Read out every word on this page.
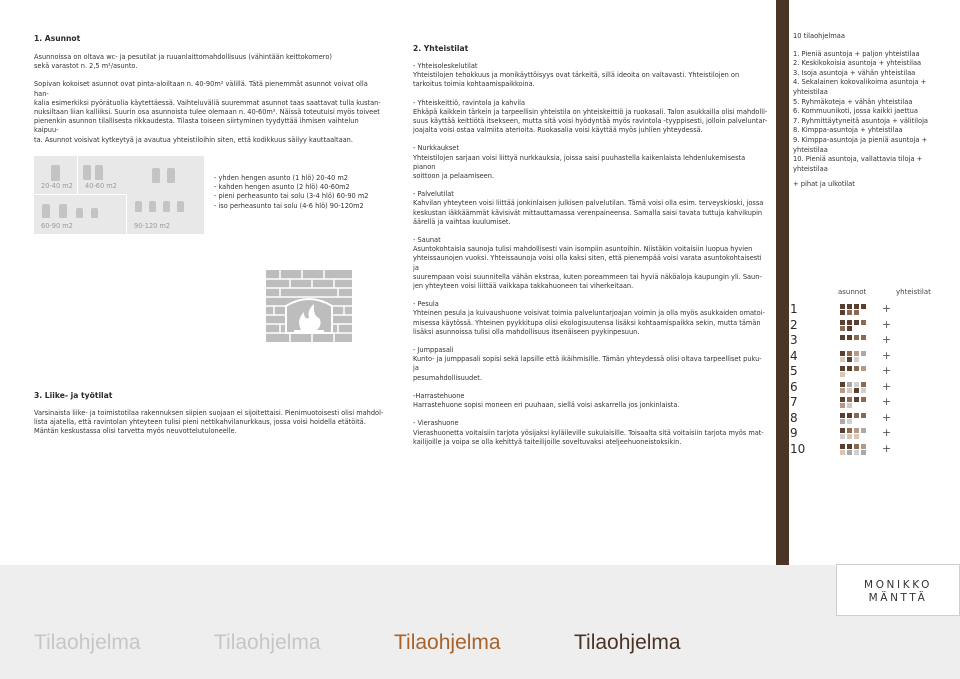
1. Asunnot

Asunnoissa on oltava wc- ja pesutilat ja ruuanlaittomahdollisuus (vähintään keittokomero)

sekä varastot n. 2,5 m²/asunto.

Sopivan kokoiset asunnot ovat pinta-aloiltaan n. 40-90m² välillä. Tätä pienemmät asunnot voivat olla han-

kalia esimerkiksi pyörätuolia käytettäessä. Vaihteluväliä suuremmat asunnot taas saattavat tulla kustan-

nuksiltaan liian kalliiksi. Suurin osa asunnoista tulee olemaan n. 40-60m². Näissä toteutuisi myös toiveet

pienenkin asunnon tilallisesta rikkaudesta. Tilasta toiseen siirtyminen tyydyttää ihmisen vaihtelun kaipuu-

ta. Asunnot voisivat kytkeytyä ja avautua yhteistiloihin siten, että kodikkuus säilyy kauttaaltaan.

20-40 m2 40-60 m2
60-90 m2	90-120 m2

- yhden hengen asunto (1 hlö) 20-40 m2

- kahden hengen asunto (2 hlö) 40-60m2

- pieni perheasunto tai solu (3-4 hlö) 60-90 m2

- iso perheasunto tai solu (4-6 hlö) 90-120m2

3. Liike- ja työtilat

Varsinaista liike- ja toimistotilaa rakennuksen siipien suojaan ei sijoitettaisi. Pienimuotoisesti olisi mahdol-

lista ajatella, että ravintolan yhteyteen tulisi pieni nettikahvilanurkkaus, jossa voisi hoidella etätöitä.

Mäntän keskustassa olisi tarvetta myös neuvottelutuloneelle.

2. Yhteistilat

- Yhteisoleskelutilat

Yhteistilojen tehokkuus ja monikäyttöisyys ovat tärkeitä, sillä ideoita on valtavasti. Yhteistilojen on

tarkoitus toimia kohtaamispaikkoina.

- Yhteiskeittiö, ravintola ja kahvila

Ehkäpä kaikkein tärkein ja tarpeellisin yhteistila on yhteiskeittiö ja ruokasali. Talon asukkailla olisi mahdolli-

suus käyttää keittiötä itsekseen, mutta sitä voisi hyödyntää myös ravintola -tyyppisesti, jolloin palveluntar-

joajalta voisi ostaa valmiita aterioita. Ruokasalia voisi käyttää myös juhlien yhteydessä.

- Nurkkaukset

Yhteistilojen sarjaan voisi liittyä nurkkauksia, joissa saisi puuhastella kaikenlaista lehdenlukemisesta pianon

soittoon ja pelaamiseen.

- Palvelutilat

Kahvilan yhteyteen voisi liittää jonkinlaisen julkisen palvelutilan. Tämä voisi olla esim. terveyskioski, jossa

keskustan iäkkäämmät kävisivät mittauttamassa verenpaineensa. Samalla saisi tavata tuttuja kahvikupin

äärellä ja vaihtaa kuulumiset.

- Saunat

Asuntokohtaisia saunoja tulisi mahdollisesti vain isompiin asuntoihin. Niistäkin voitaisiin luopua hyvien

yhteissaunojen vuoksi. Yhteissaunoja voisi olla kaksi siten, että pienempää voisi varata asuntokohtaisesti ja

suurempaan voisi suunnitella vähän ekstraa, kuten poreammeen tai hyviä näköaloja kaupungin yli. Saun-

jen yhteyteen voisi liittää vaikkapa takkahuoneen tai viherkeitaan.

- Pesula

Yhteinen pesula ja kuivaushuone voisivat toimia palveluntarjoajan voimin ja olla myös asukkaiden omatoi-

misessa käytössä. Yhteinen pyykkitupa olisi ekologisuutensa lisäksi kohtaamispaikka sekin, mutta tämän

lisäksi asunnoissa tulisi olla mahdollisuus itsenäiseen pyykinpesuun.

- Jumppasali

Kunto- ja jumppasali sopisi sekä lapsille että ikäihmisille. Tämän yhteydessä olisi oltava tarpeelliset puku- ja

pesumahdollisuudet.

-Harrastehuone

Harrastehuone sopisi moneen eri puuhaan, siellä voisi askarrella jos jonkinlaista.

- Vierashuone

Vierashuonetta voitaisiin tarjota yösijaksi kyläileville sukulaisille. Toisaalta sitä voitaisiin tarjota myös mat-

kailijoille ja voipa se olla kehittyä taiteilijoille soveltuvaksi ateljeehuoneistoksikin.

10 tilaohjelmaa
1. Pieniä asuntoja + paljon yhteistilaa
2. Keskikokoisia asuntoja + yhteistilaa
3. Isoja asuntoja + vähän yhteistilaa
4. Sekalainen kokovalikoima asuntoja + yhteistilaa
5. Ryhmäkoteja + vähän yhteistilaa
6. Kommuunikoti, jossa kaikki jaettua
7. Ryhmittäytyneitä asuntoja + välitiloja
8. Kimppa-asuntoja + yhteistilaa
9. Kimppa-asuntoja ja pieniä asuntoja + yhteistilaa
10. Pieniä asuntoja, vallattavia tiloja + yhteistilaa
+ pihat ja ulkotilat
asunnot	yhteistilat
1	+
2	+
3	+
4	+
5	+
6	+
7	+
8	+
9	+
10	+
MONIKKO
MÄNTTÄ
Tilaohjelma	Tilaohjelma	Tilaohjelma	Tilaohjelma
